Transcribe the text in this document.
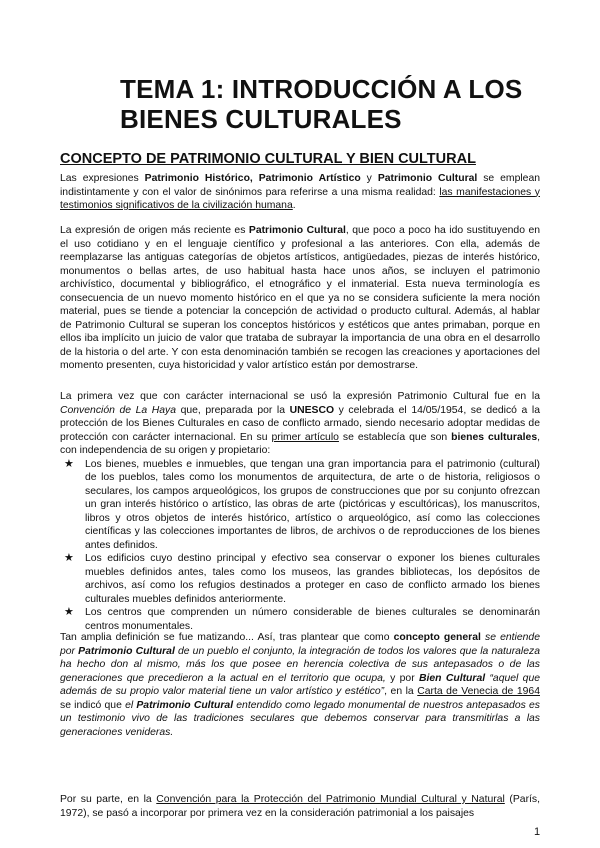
TEMA 1: INTRODUCCIÓN A LOS BIENES CULTURALES
CONCEPTO DE PATRIMONIO CULTURAL Y BIEN CULTURAL

Las expresiones Patrimonio Histórico, Patrimonio Artístico y Patrimonio Cultural se emplean indistintamente y con el valor de sinónimos para referirse a una misma realidad: las manifestaciones y testimonios significativos de la civilización humana.

La expresión de origen más reciente es Patrimonio Cultural, que poco a poco ha ido sustituyendo en el uso cotidiano y en el lenguaje científico y profesional a las anteriores. Con ella, además de reemplazarse las antiguas categorías de objetos artísticos, antigüedades, piezas de interés histórico, monumentos o bellas artes, de uso habitual hasta hace unos años, se incluyen el patrimonio archivístico, documental y bibliográfico, el etnográfico y el inmaterial. Esta nueva terminología es consecuencia de un nuevo momento histórico en el que ya no se considera suficiente la mera noción material, pues se tiende a potenciar la concepción de actividad o producto cultural. Además, al hablar de Patrimonio Cultural se superan los conceptos históricos y estéticos que antes primaban, porque en ellos iba implícito un juicio de valor que trataba de subrayar la importancia de una obra en el desarrollo de la historia o del arte. Y con esta denominación también se recogen las creaciones y aportaciones del momento presenten, cuya historicidad y valor artístico están por demostrarse.

La primera vez que con carácter internacional se usó la expresión Patrimonio Cultural fue en la Convención de La Haya que, preparada por la UNESCO y celebrada el 14/05/1954, se dedicó a la protección de los Bienes Culturales en caso de conflicto armado, siendo necesario adoptar medidas de protección con carácter internacional. En su primer artículo se establecía que son bienes culturales, con independencia de su origen y propietario:

★ Los bienes, muebles e inmuebles, que tengan una gran importancia para el patrimonio (cultural) de los pueblos, tales como los monumentos de arquitectura, de arte o de historia, religiosos o seculares, los campos arqueológicos, los grupos de construcciones que por su conjunto ofrezcan un gran interés histórico o artístico, las obras de arte (pictóricas y escultóricas), los manuscritos, libros y otros objetos de interés histórico, artístico o arqueológico, así como las colecciones científicas y las colecciones importantes de libros, de archivos o de reproducciones de los bienes antes definidos.
★ Los edificios cuyo destino principal y efectivo sea conservar o exponer los bienes culturales muebles definidos antes, tales como los museos, las grandes bibliotecas, los depósitos de archivos, así como los refugios destinados a proteger en caso de conflicto armado los bienes culturales muebles definidos anteriormente.
★ Los centros que comprenden un número considerable de bienes culturales se denominarán centros monumentales.

Tan amplia definición se fue matizando... Así, tras plantear que como concepto general se entiende por Patrimonio Cultural de un pueblo el conjunto, la integración de todos los valores que la naturaleza ha hecho don al mismo, más los que posee en herencia colectiva de sus antepasados o de las generaciones que precedieron a la actual en el territorio que ocupa, y por Bien Cultural “aquel que además de su propio valor material tiene un valor artístico y estético”, en la Carta de Venecia de 1964 se indicó que el Patrimonio Cultural entendido como legado monumental de nuestros antepasados es un testimonio vivo de las tradiciones seculares que debemos conservar para transmitirlas a las generaciones venideras.

Por su parte, en la Convención para la Protección del Patrimonio Mundial Cultural y Natural (París, 1972), se pasó a incorporar por primera vez en la consideración patrimonial a los paisajes

1
